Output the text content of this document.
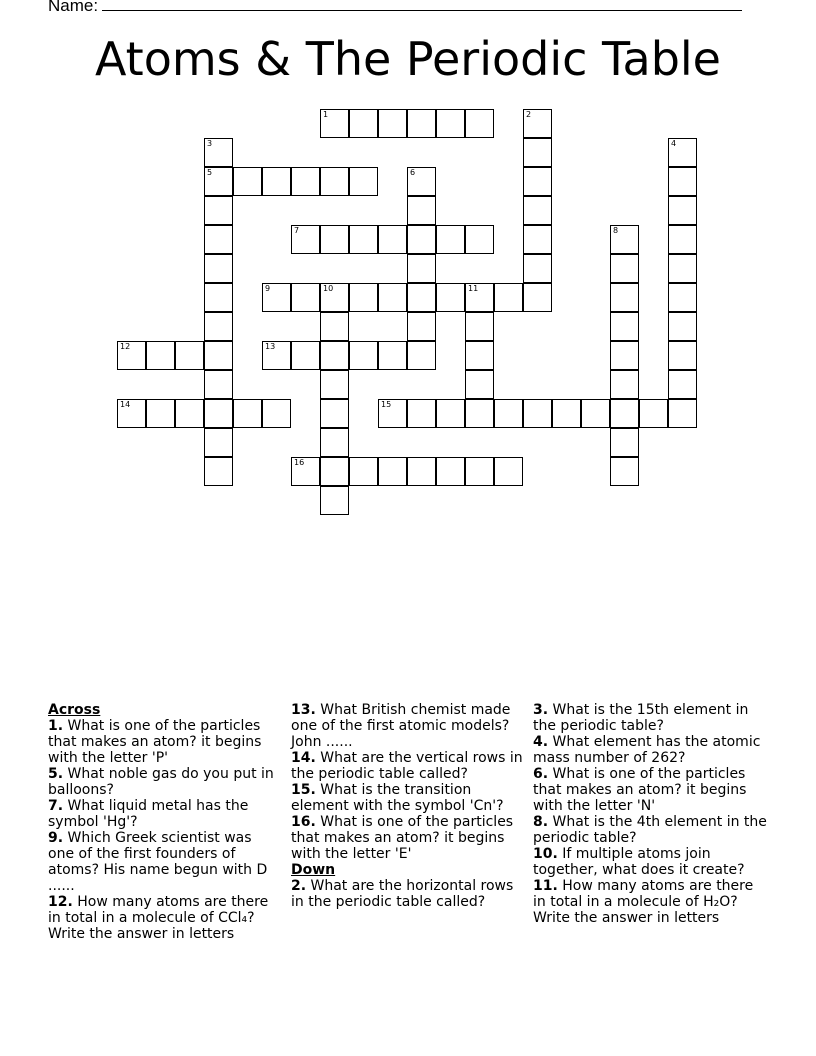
Name:
Atoms & The Periodic Table
1	2
3
5
4
6
7	8
9	10	11
12	13
14	15
16

Across

1. What is one of the particles that makes an atom? it begins with the letter 'P'

5. What noble gas do you put in balloons?

7. What liquid metal has the symbol 'Hg'?

9. Which Greek scientist was one of the first founders of atoms? His name begun with D ......

12. How many atoms are there in total in a molecule of CCl₄? Write the answer in letters

13. What British chemist made one of the first atomic models? John ......

14. What are the vertical rows in the periodic table called?

15. What is the transition element with the symbol 'Cn'?

16. What is one of the particles that makes an atom? it begins with the letter 'E'

Down

2. What are the horizontal rows in the periodic table called?

3. What is the 15th element in the periodic table?

4. What element has the atomic mass number of 262?

6. What is one of the particles that makes an atom? it begins with the letter 'N'

8. What is the 4th element in the periodic table?

10. If multiple atoms join together, what does it create?

11. How many atoms are there in total in a molecule of H₂O? Write the answer in letters
